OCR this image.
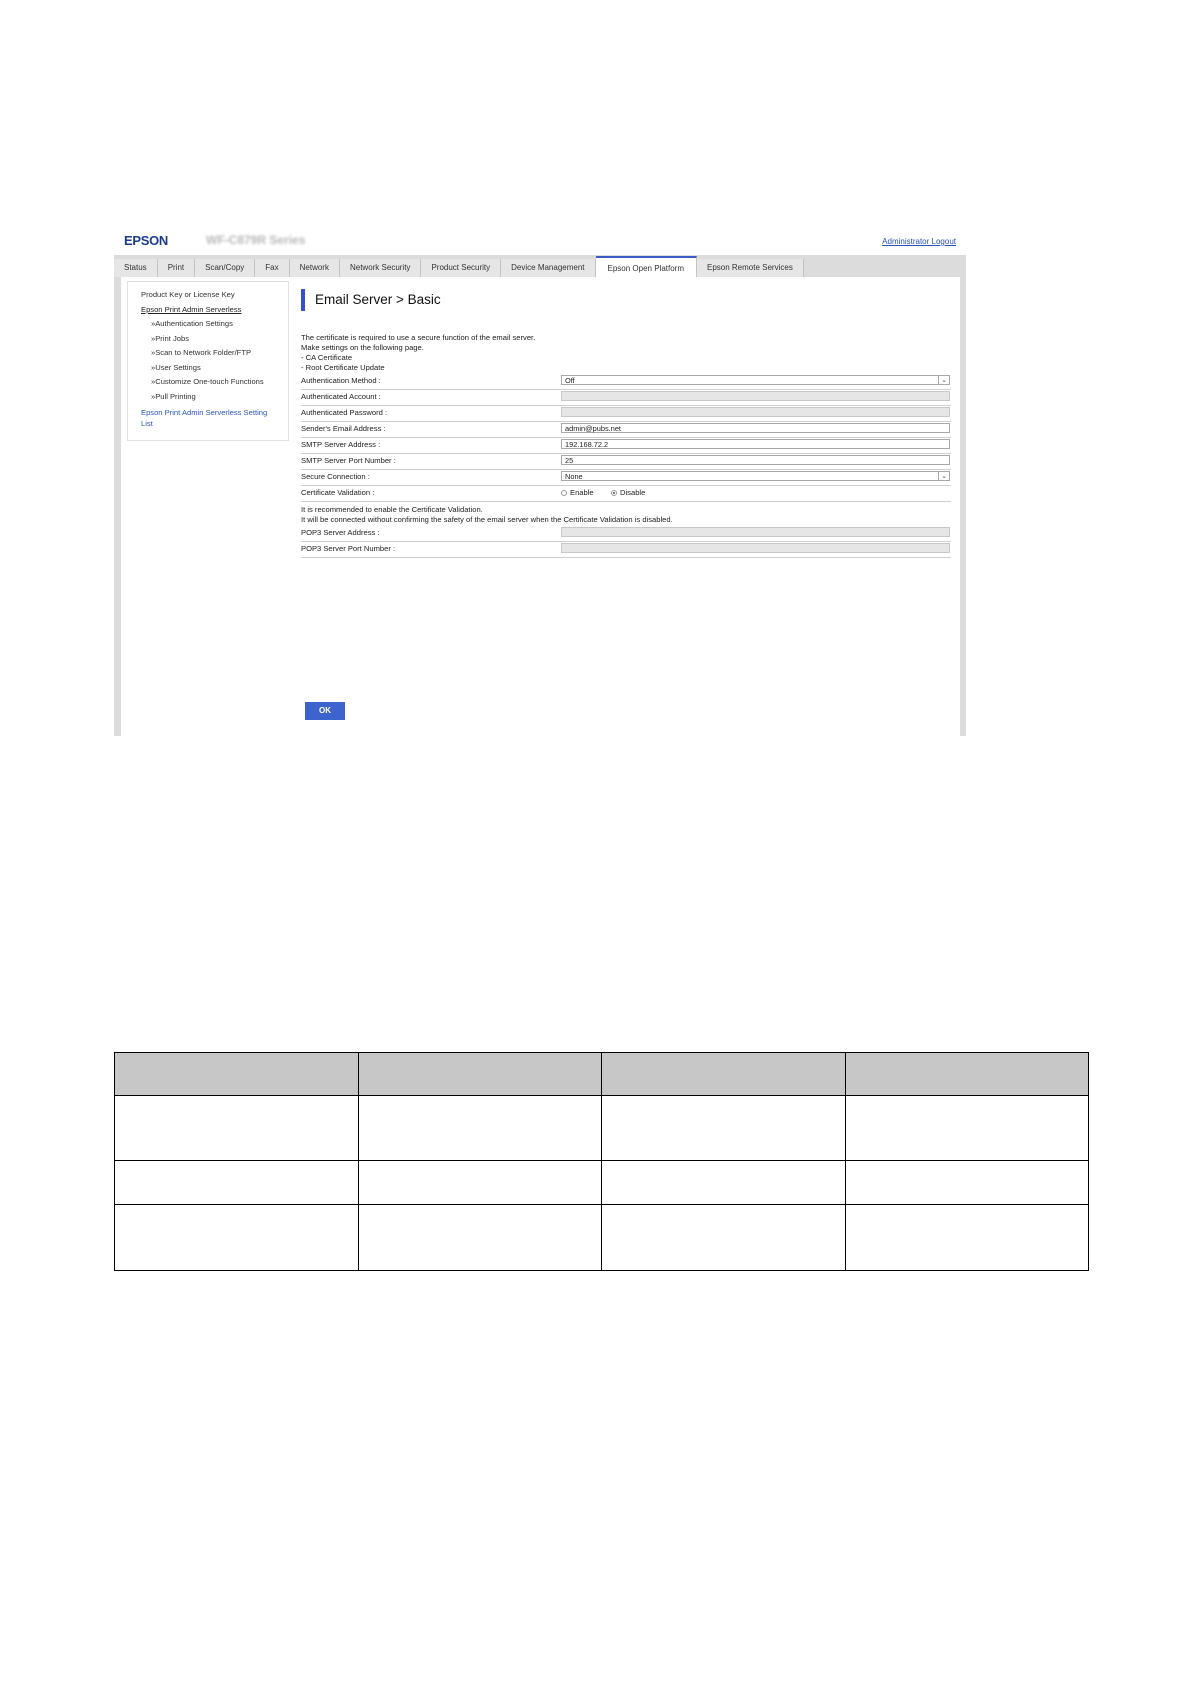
EPSON	WF-C879R Series	Administrator Logout
Status	Print	Scan/Copy	Fax	Network	Network Security	Product Security	Device Management	Epson Open Platform	Epson Remote Services
Product Key or License Key
Epson Print Admin Serverless
»Authentication Settings
»Print Jobs
»Scan to Network Folder/FTP
»User Settings
»Customize One-touch Functions
»Pull Printing
Epson Print Admin Serverless Setting
List
Email Server > Basic
The certificate is required to use a secure function of the email server.
Make settings on the following page.
- CA Certificate
- Root Certificate Update
Authentication Method :	Off	⌄
Authenticated Account :
Authenticated Password :
Sender's Email Address :	admin@pubs.net
SMTP Server Address :	192.168.72.2
SMTP Server Port Number :	25
Secure Connection :	None	⌄
Certificate Validation :	Enable	Disable
It is recommended to enable the Certificate Validation.
It will be connected without confirming the safety of the email server when the Certificate Validation is disabled.
POP3 Server Address :
POP3 Server Port Number :
OK
